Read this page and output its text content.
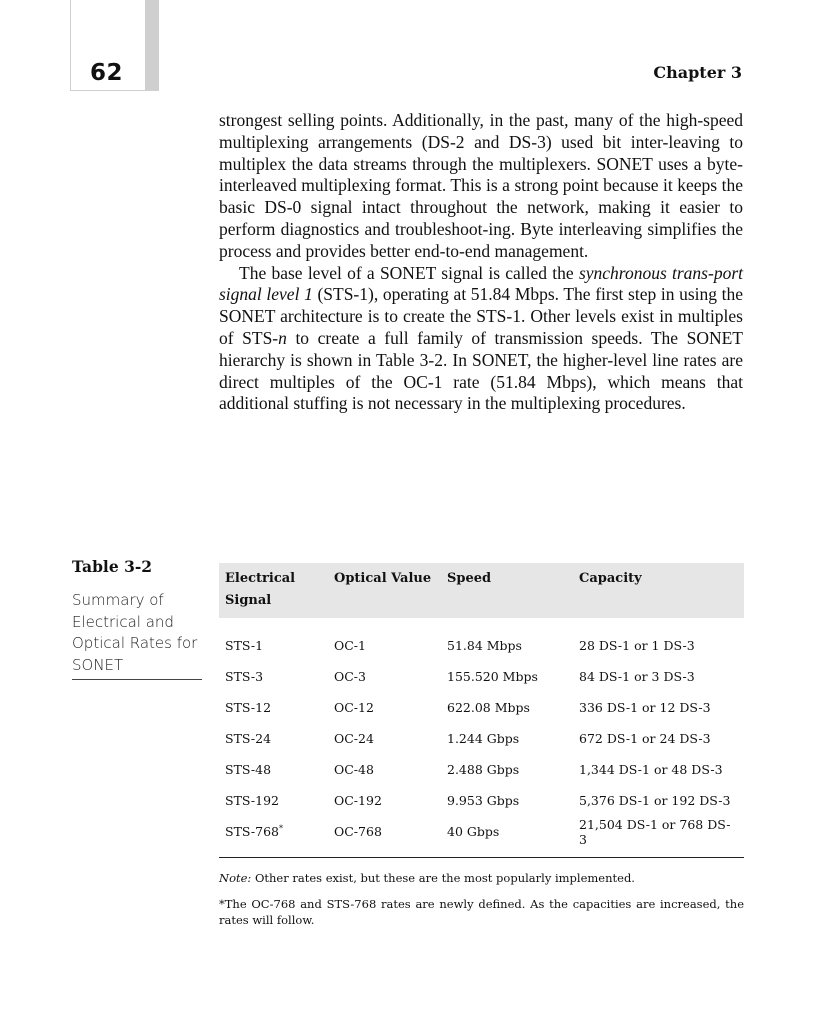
62	Chapter 3

strongest selling points. Additionally, in the past, many of the high-speed multiplexing arrangements (DS-2 and DS-3) used bit inter-leaving to multiplex the data streams through the multiplexers. SONET uses a byte-interleaved multiplexing format. This is a strong point because it keeps the basic DS-0 signal intact throughout the network, making it easier to perform diagnostics and troubleshoot-ing. Byte interleaving simplifies the process and provides better end-to-end management.

The base level of a SONET signal is called the synchronous trans-port signal level 1 (STS-1), operating at 51.84 Mbps. The first step in using the SONET architecture is to create the STS-1. Other levels exist in multiples of STS-n to create a full family of transmission speeds. The SONET hierarchy is shown in Table 3-2. In SONET, the higher-level line rates are direct multiples of the OC-1 rate (51.84 Mbps), which means that additional stuffing is not necessary in the multiplexing procedures.

Table 3-2
Summary of Electrical and Optical Rates for SONET
Electrical Signal	Optical Value	Speed	Capacity
STS-1	OC-1	51.84 Mbps	28 DS-1 or 1 DS-3
STS-3	OC-3	155.520 Mbps	84 DS-1 or 3 DS-3
STS-12	OC-12	622.08 Mbps	336 DS-1 or 12 DS-3
STS-24	OC-24	1.244 Gbps	672 DS-1 or 24 DS-3
STS-48	OC-48	2.488 Gbps	1,344 DS-1 or 48 DS-3
STS-192	OC-192	9.953 Gbps	5,376 DS-1 or 192 DS-3
STS-768*	OC-768	40 Gbps	21,504 DS-1 or 768 DS-3
Note: Other rates exist, but these are the most popularly implemented.
*The OC-768 and STS-768 rates are newly defined. As the capacities are increased, the rates will follow.
